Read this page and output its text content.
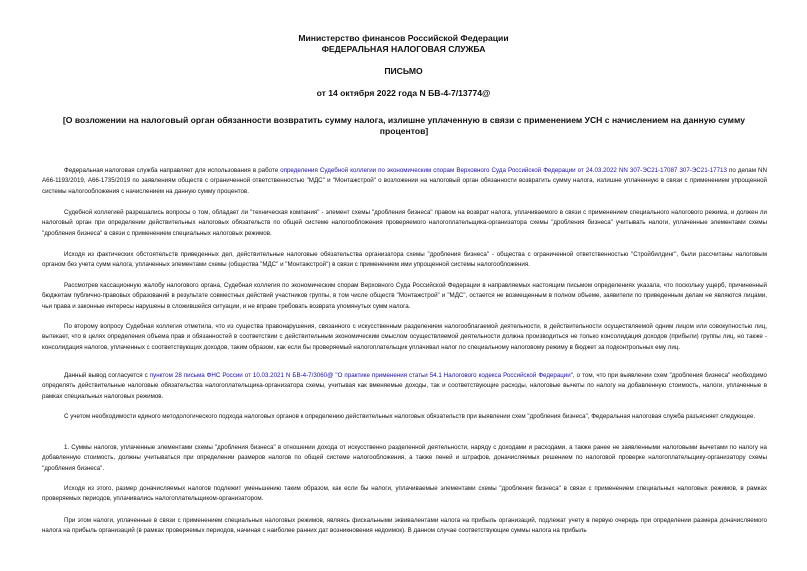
Министерство финансов Российской Федерации
ФЕДЕРАЛЬНАЯ НАЛОГОВАЯ СЛУЖБА
ПИСЬМО
от 14 октября 2022 года N БВ-4-7/13774@
[О возложении на налоговый орган обязанности возвратить сумму налога, излишне уплаченную в связи с применением УСН с начислением на данную сумму процентов]

Федеральная налоговая служба направляет для использования в работе определения Судебной коллегии по экономическим спорам Верховного Суда Российской Федерации от 24.03.2022 NN 307-ЭС21-17087 307-ЭС21-17713 по делам NN А66-1193/2019, А66-1735/2019 по заявлениям обществ с ограниченной ответственностью "МДС" и "Монтажстрой" о возложении на налоговый орган обязанности возвратить сумму налога, излишне уплаченную в связи с применением упрощенной системы налогообложения с начислением на данную сумму процентов.

Судебной коллегией разрешались вопросы о том, обладает ли "техническая компания" - элемент схемы "дробления бизнеса" правом на возврат налога, уплачиваемого в связи с применением специального налогового режима, и должен ли налоговый орган при определении действительных налоговых обязательств по общей системе налогообложения проверяемого налогоплательщика-организатора схемы "дробления бизнеса" учитывать налоги, уплаченные элементами схемы "дробления бизнеса" в связи с применением специальных налоговых режимов.

Исходя из фактических обстоятельств приведенных дел, действительные налоговые обязательства организатора схемы "дробления бизнеса" - общества с ограниченной ответственностью "Стройбилдинг", были рассчитаны налоговым органом без учета сумм налога, уплаченных элементами схемы (общества "МДС" и "Монтажстрой") в связи с применением ими упрощенной системы налогообложения.

Рассмотрев кассационную жалобу налогового органа, Судебная коллегия по экономическим спорам Верховного Суда Российской Федерации в направляемых настоящим письмом определениях указала, что поскольку ущерб, причиненный бюджетам публично-правовых образований в результате совместных действий участников группы, в том числе обществ "Монтажстрой" и "МДС", остается не возмещенным в полном объеме, заявители по приведенным делам не являются лицами, чьи права и законные интересы нарушены в сложившейся ситуации, и не вправе требовать возврата упомянутых сумм налога.

По второму вопросу Судебная коллегия отметила, что из существа правонарушения, связанного с искусственным разделением налогооблагаемой деятельности, в действительности осуществляемой одним лицом или совокупностью лиц, вытекает, что в целях определения объема прав и обязанностей в соответствии с действительным экономическим смыслом осуществляемой деятельности должна производиться не только консолидация доходов (прибыли) группы лиц, но также - консолидация налогов, уплаченных с соответствующих доходов, таким образом, как если бы проверяемый налогоплательщик уплачивал налог по специальному налоговому режиму в бюджет за подконтрольных ему лиц.

Данный вывод согласуется с пунктом 28 письма ФНС России от 10.03.2021 N БВ-4-7/3060@ "О практике применения статьи 54.1 Налогового кодекса Российской Федерации", о том, что при выявлении схем "дробления бизнеса" необходимо определять действительные налоговые обязательства налогоплательщика-организатора схемы, учитывая как вменяемые доходы, так и соответствующие расходы, налоговые вычеты по налогу на добавленную стоимость, налоги, уплаченные в рамках специальных налоговых режимов.

С учетом необходимости единого методологического подхода налоговых органов к определению действительных налоговых обязательств при выявлении схем "дробления бизнеса", Федеральная налоговая служба разъясняет следующее.

1. Суммы налогов, уплаченные элементами схемы "дробления бизнеса" в отношении дохода от искусственно разделенной деятельности, наряду с доходами и расходами, а также ранее не заявленными налоговыми вычетами по налогу на добавленную стоимость, должны учитываться при определении размеров налогов по общей системе налогообложения, а также пеней и штрафов, доначисляемых решением по налоговой проверке налогоплательщику-организатору схемы "дробления бизнеса".

Исходя из этого, размер доначисляемых налогов подлежит уменьшению таким образом, как если бы налоги, уплачиваемые элементами схемы "дробления бизнеса" в связи с применением специальных налоговых режимов, в рамках проверяемых периодов, уплачивались налогоплательщиком-организатором.

При этом налоги, уплаченные в связи с применением специальных налоговых режимов, являясь фискальными эквивалентами налога на прибыль организаций, подлежат учету в первую очередь при определении размера доначисляемого налога на прибыль организаций (в рамках проверяемых периодов, начиная с наиболее ранних дат возникновения недоимок). В данном случае соответствующие суммы налога на прибыль
